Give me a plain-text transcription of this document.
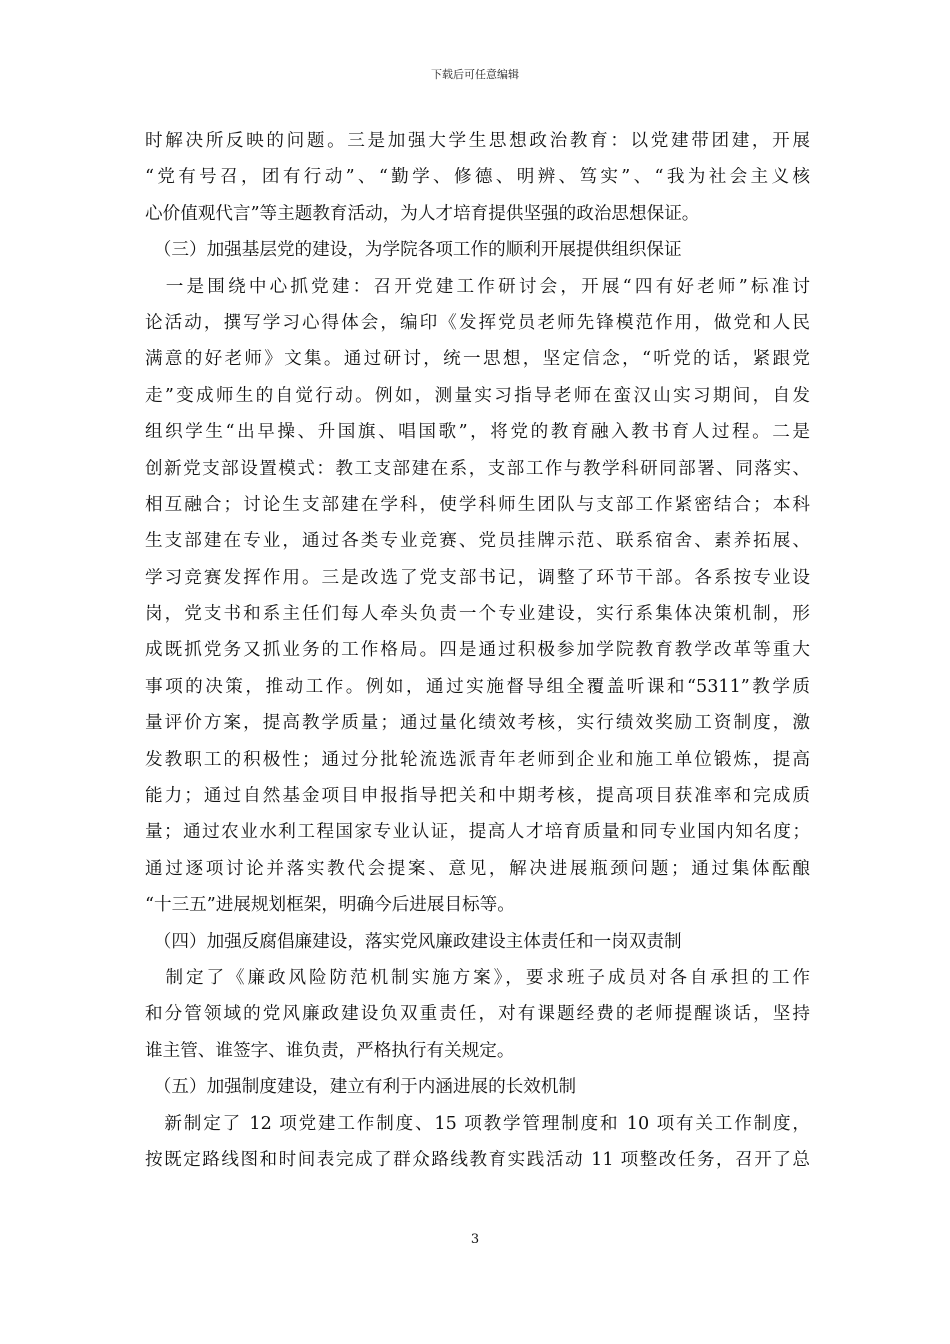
下载后可任意编辑
时解决所反映的问题。三是加强大学生思想政治教育：以党建带团建，开展
“党有号召，团有行动”、“勤学、修德、明辨、笃实”、“我为社会主义核
心价值观代言”等主题教育活动，为人才培育提供坚强的政治思想保证。
　（三）加强基层党的建设，为学院各项工作的顺利开展提供组织保证
　一是围绕中心抓党建：召开党建工作研讨会，开展“四有好老师”标准讨
论活动，撰写学习心得体会，编印《发挥党员老师先锋模范作用，做党和人民
满意的好老师》文集。通过研讨，统一思想，坚定信念，“听党的话，紧跟党
走”变成师生的自觉行动。例如，测量实习指导老师在蛮汉山实习期间，自发
组织学生“出早操、升国旗、唱国歌”，将党的教育融入教书育人过程。二是
创新党支部设置模式：教工支部建在系，支部工作与教学科研同部署、同落实、
相互融合；讨论生支部建在学科，使学科师生团队与支部工作紧密结合；本科
生支部建在专业，通过各类专业竞赛、党员挂牌示范、联系宿舍、素养拓展、
学习竞赛发挥作用。三是改选了党支部书记，调整了环节干部。各系按专业设
岗，党支书和系主任们每人牵头负责一个专业建设，实行系集体决策机制，形
成既抓党务又抓业务的工作格局。四是通过积极参加学院教育教学改革等重大
事项的决策，推动工作。例如，通过实施督导组全覆盖听课和“5311”教学质
量评价方案，提高教学质量；通过量化绩效考核，实行绩效奖励工资制度，激
发教职工的积极性；通过分批轮流选派青年老师到企业和施工单位锻炼，提高
能力；通过自然基金项目申报指导把关和中期考核，提高项目获准率和完成质
量；通过农业水利工程国家专业认证，提高人才培育质量和同专业国内知名度；
通过逐项讨论并落实教代会提案、意见，解决进展瓶颈问题；通过集体酝酿
“十三五”进展规划框架，明确今后进展目标等。
　（四）加强反腐倡廉建设，落实党风廉政建设主体责任和一岗双责制
　制定了《廉政风险防范机制实施方案》，要求班子成员对各自承担的工作
和分管领域的党风廉政建设负双重责任，对有课题经费的老师提醒谈话，坚持
谁主管、谁签字、谁负责，严格执行有关规定。
　（五）加强制度建设，建立有利于内涵进展的长效机制
　新制定了 12 项党建工作制度、15 项教学管理制度和 10 项有关工作制度，
按既定路线图和时间表完成了群众路线教育实践活动 11 项整改任务，召开了总
3
